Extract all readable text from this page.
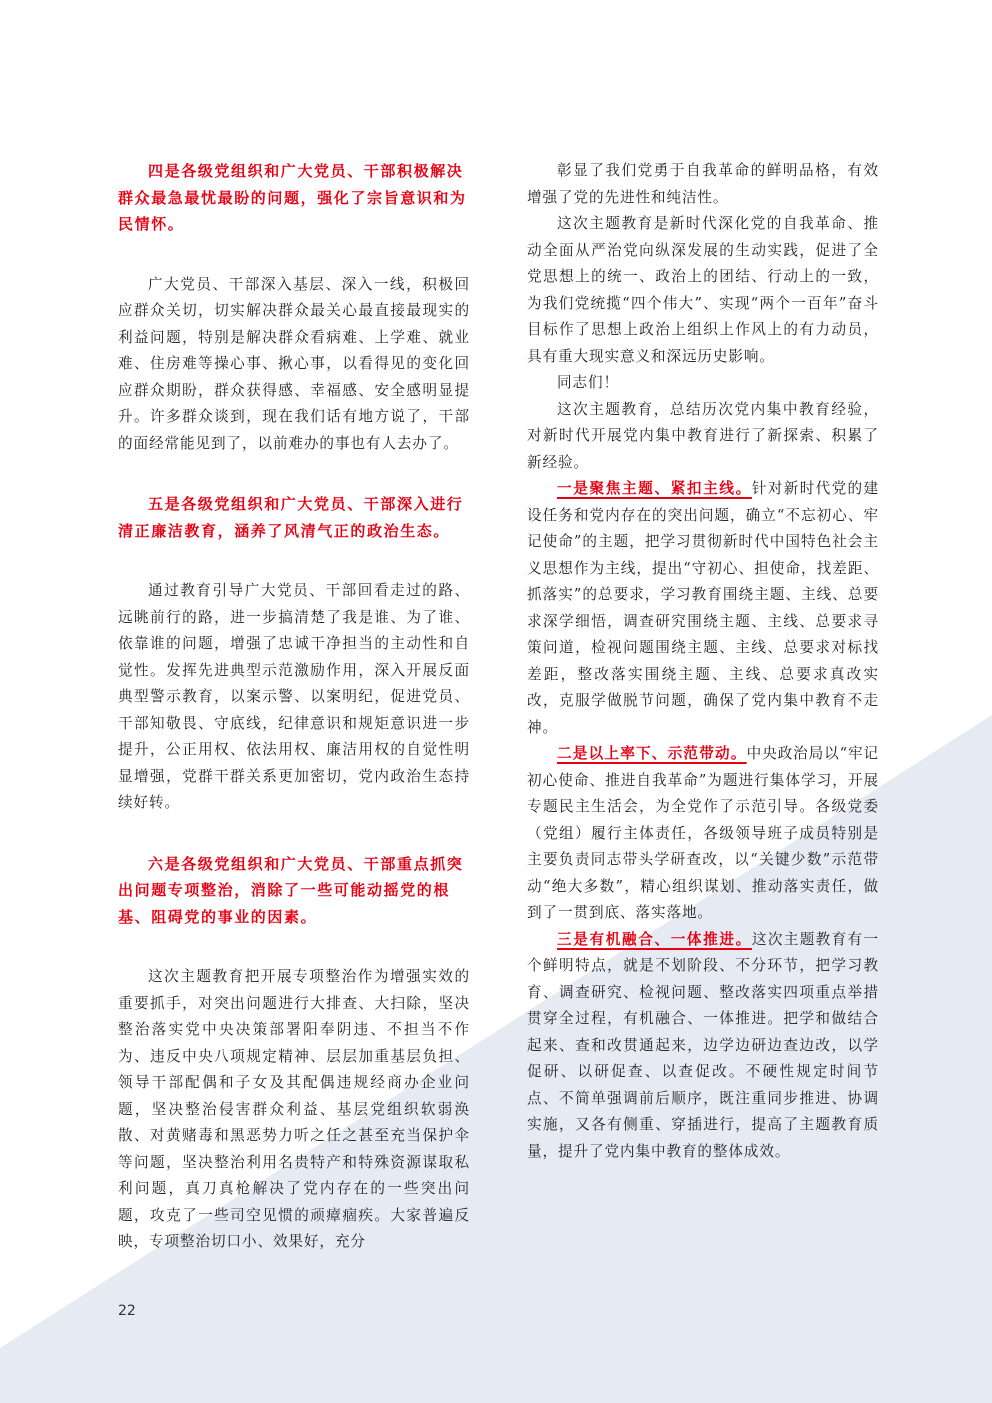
四是各级党组织和广大党员、干部积极解决群众最急最忧最盼的问题，强化了宗旨意识和为民情怀。

广大党员、干部深入基层、深入一线，积极回应群众关切，切实解决群众最关心最直接最现实的利益问题，特别是解决群众看病难、上学难、就业难、住房难等操心事、揪心事，以看得见的变化回应群众期盼，群众获得感、幸福感、安全感明显提升。许多群众谈到，现在我们话有地方说了，干部的面经常能见到了，以前难办的事也有人去办了。

五是各级党组织和广大党员、干部深入进行清正廉洁教育，涵养了风清气正的政治生态。

通过教育引导广大党员、干部回看走过的路、远眺前行的路，进一步搞清楚了我是谁、为了谁、依靠谁的问题，增强了忠诚干净担当的主动性和自觉性。发挥先进典型示范激励作用，深入开展反面典型警示教育，以案示警、以案明纪，促进党员、干部知敬畏、守底线，纪律意识和规矩意识进一步提升，公正用权、依法用权、廉洁用权的自觉性明显增强，党群干群关系更加密切，党内政治生态持续好转。

六是各级党组织和广大党员、干部重点抓突出问题专项整治，消除了一些可能动摇党的根基、阻碍党的事业的因素。

这次主题教育把开展专项整治作为增强实效的重要抓手，对突出问题进行大排查、大扫除，坚决整治落实党中央决策部署阳奉阴违、不担当不作为、违反中央八项规定精神、层层加重基层负担、领导干部配偶和子女及其配偶违规经商办企业问题，坚决整治侵害群众利益、基层党组织软弱涣散、对黄赌毒和黑恶势力听之任之甚至充当保护伞等问题，坚决整治利用名贵特产和特殊资源谋取私利问题，真刀真枪解决了党内存在的一些突出问题，攻克了一些司空见惯的顽瘴痼疾。大家普遍反映，专项整治切口小、效果好，充分

彰显了我们党勇于自我革命的鲜明品格，有效增强了党的先进性和纯洁性。

这次主题教育是新时代深化党的自我革命、推动全面从严治党向纵深发展的生动实践，促进了全党思想上的统一、政治上的团结、行动上的一致，为我们党统揽“四个伟大”、实现“两个一百年”奋斗目标作了思想上政治上组织上作风上的有力动员，具有重大现实意义和深远历史影响。

同志们！

这次主题教育，总结历次党内集中教育经验，对新时代开展党内集中教育进行了新探索、积累了新经验。

一是聚焦主题、紧扣主线。针对新时代党的建设任务和党内存在的突出问题，确立“不忘初心、牢记使命”的主题，把学习贯彻新时代中国特色社会主义思想作为主线，提出“守初心、担使命，找差距、抓落实”的总要求，学习教育围绕主题、主线、总要求深学细悟，调查研究围绕主题、主线、总要求寻策问道，检视问题围绕主题、主线、总要求对标找差距，整改落实围绕主题、主线、总要求真改实改，克服学做脱节问题，确保了党内集中教育不走神。

二是以上率下、示范带动。中央政治局以“牢记初心使命、推进自我革命”为题进行集体学习，开展专题民主生活会，为全党作了示范引导。各级党委（党组）履行主体责任，各级领导班子成员特别是主要负责同志带头学研查改，以“关键少数”示范带动“绝大多数”，精心组织谋划、推动落实责任，做到了一贯到底、落实落地。

三是有机融合、一体推进。这次主题教育有一个鲜明特点，就是不划阶段、不分环节，把学习教育、调查研究、检视问题、整改落实四项重点举措贯穿全过程，有机融合、一体推进。把学和做结合起来、查和改贯通起来，边学边研边查边改，以学促研、以研促查、以查促改。不硬性规定时间节点、不简单强调前后顺序，既注重同步推进、协调实施，又各有侧重、穿插进行，提高了主题教育质量，提升了党内集中教育的整体成效。

22
